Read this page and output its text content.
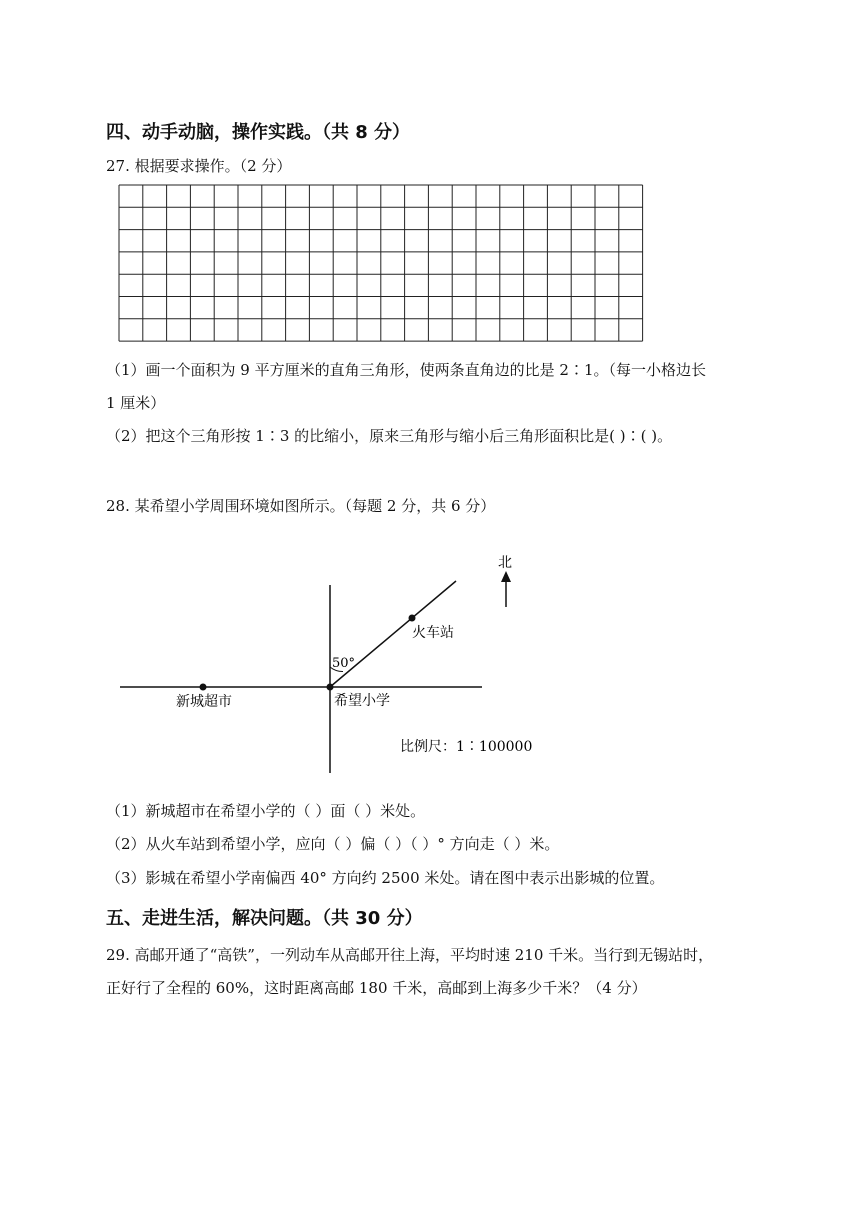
四、动手动脑，操作实践。（共 8 分）
27. 根据要求操作。（2 分）
（1）画一个面积为 9 平方厘米的直角三角形，使两条直角边的比是 2∶1。（每一小格边长
1 厘米）
（2）把这个三角形按 1∶3 的比缩小，原来三角形与缩小后三角形面积比是( )∶( )。
28. 某希望小学周围环境如图所示。（每题 2 分，共 6 分）
北
50°
火车站
希望小学
新城超市
比例尺：1∶100000
（1）新城超市在希望小学的（ ）面（ ）米处。
（2）从火车站到希望小学，应向（ ）偏（ ）（ ）° 方向走（ ）米。
（3）影城在希望小学南偏西 40° 方向约 2500 米处。请在图中表示出影城的位置。
五、走进生活，解决问题。（共 30 分）
29. 高邮开通了“高铁”，一列动车从高邮开往上海，平均时速 210 千米。当行到无锡站时，
正好行了全程的 60%，这时距离高邮 180 千米，高邮到上海多少千米？（4 分）
